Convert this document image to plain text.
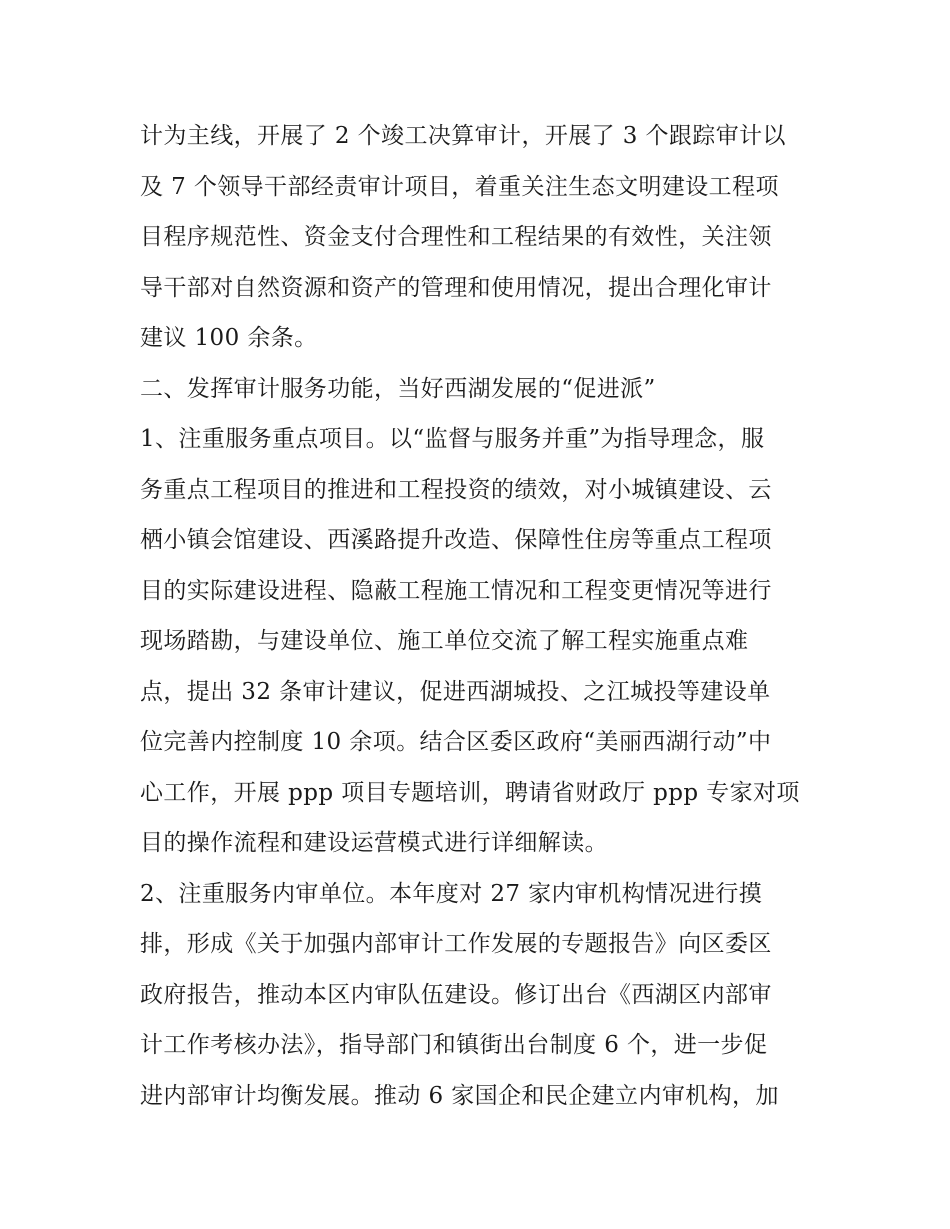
计为主线，开展了 2 个竣工决算审计，开展了 3 个跟踪审计以
及 7 个领导干部经责审计项目，着重关注生态文明建设工程项
目程序规范性、资金支付合理性和工程结果的有效性，关注领
导干部对自然资源和资产的管理和使用情况，提出合理化审计
建议 100 余条。
二、发挥审计服务功能，当好西湖发展的“促进派”
1、注重服务重点项目。以“监督与服务并重”为指导理念，服
务重点工程项目的推进和工程投资的绩效，对小城镇建设、云
栖小镇会馆建设、西溪路提升改造、保障性住房等重点工程项
目的实际建设进程、隐蔽工程施工情况和工程变更情况等进行
现场踏勘，与建设单位、施工单位交流了解工程实施重点难
点，提出 32 条审计建议，促进西湖城投、之江城投等建设单
位完善内控制度 10 余项。结合区委区政府“美丽西湖行动”中
心工作，开展 ppp 项目专题培训，聘请省财政厅 ppp 专家对项
目的操作流程和建设运营模式进行详细解读。
2、注重服务内审单位。本年度对 27 家内审机构情况进行摸
排，形成《关于加强内部审计工作发展的专题报告》向区委区
政府报告，推动本区内审队伍建设。修订出台《西湖区内部审
计工作考核办法》，指导部门和镇街出台制度 6 个，进一步促
进内部审计均衡发展。推动 6 家国企和民企建立内审机构，加
